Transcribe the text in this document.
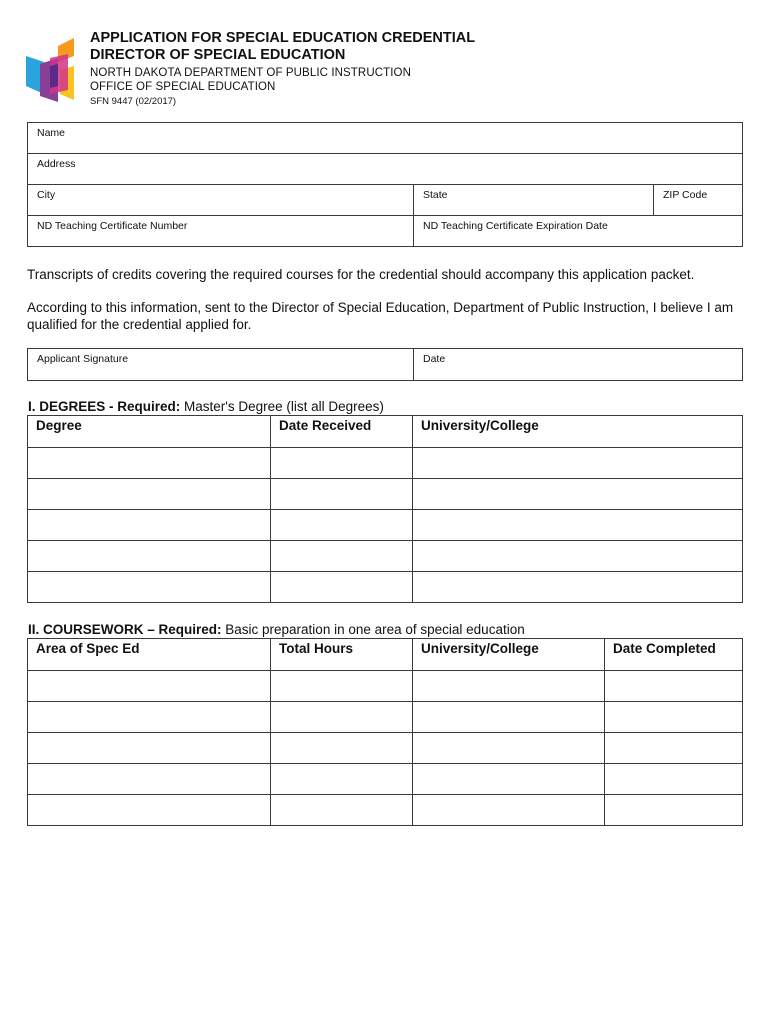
APPLICATION FOR SPECIAL EDUCATION CREDENTIAL
DIRECTOR OF SPECIAL EDUCATION
NORTH DAKOTA DEPARTMENT OF PUBLIC INSTRUCTION
OFFICE OF SPECIAL EDUCATION
SFN 9447 (02/2017)
Name		

Address		

City	State	ZIP Code

ND Teaching Certificate Number	ND Teaching Certificate Expiration Date	
Transcripts of credits covering the required courses for the credential should accompany this application packet.
According to this information, sent to the Director of Special Education, Department of Public Instruction, I believe I am qualified for the credential applied for.
Applicant Signature	Date
I. DEGREES - Required: Master's Degree (list all Degrees)
Degree	Date Received	University/College

II. COURSEWORK – Required: Basic preparation in one area of special education
Area of Spec Ed	Total Hours	University/College	Date Completed
